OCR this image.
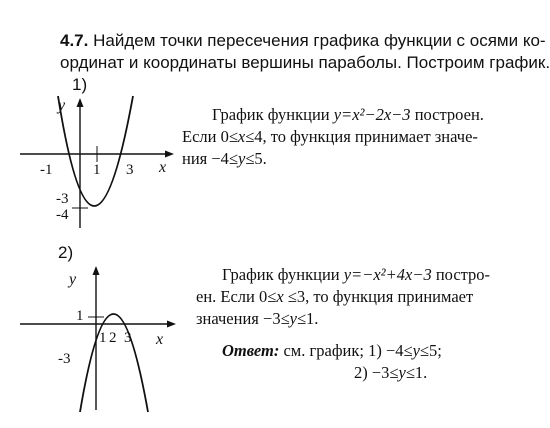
4.7. Найдем точки пересечения графика функции с осями ко-
ординат и координаты вершины параболы. Построим график.
1)
y
x
-1	1 3
-3
-4
График функции y=x²−2x−3 построен.
Если 0≤x≤4, то функция принимает значе-
ния −4≤y≤5.
2)
y
x
1
-3
1 2 3
График функции y=−x²+4x−3 постро-
ен. Если 0≤x ≤3, то функция принимает
значения −3≤y≤1.
Ответ: см. график; 1) −4≤y≤5;
2) −3≤y≤1.
